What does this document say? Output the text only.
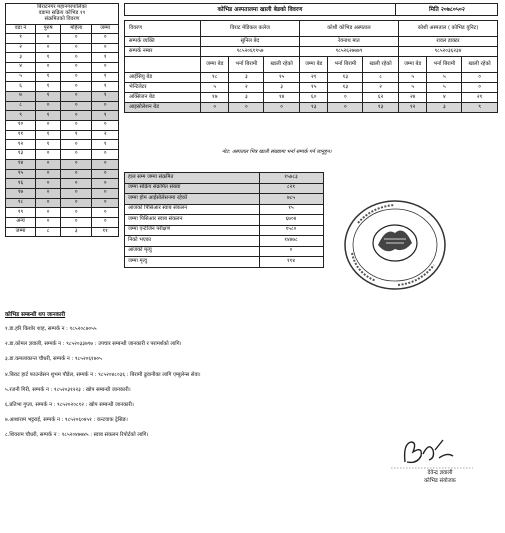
बिराटनगर महानगरपालिका
वडामा सक्रिय कोभिड १९
संक्रमितको विवरण			

वडा नं	पुरुष	महिला	जम्मा
१	०	०	०
२	०	०	०
३	१	०	१
४	०	०	०
५	१	०	१
६	१	०	१
७	१	०	१
८	०	०	०
९	१	०	१
१०	०	०	०
११	१	१	२
१२	१	०	१
१३	०	०	०
१४	०	०	०
१५	०	०	०
१६	०	०	०
१७	०	०	०
१८	०	०	०
१९	०	०	०
अन्य	०	०	०
जम्मा	८	३	११
कोभिड अस्पतालमा खाली बेडको विवरण	मिति २०७८०५०२
विवरण	विराट मेडिकल कलेज			कोशी कोभिड अस्पताल			कोशी अस्पताल ( कोभिड युनिट)		
सम्पर्क व्यक्ति	सुनिल बेद			रेवनाथ मात			रावल डाक्टर		
सम्पर्क नम्बर	९८५२०६१९५७			९८५२६२७७७९			९८५२०३६२३४		
	जम्मा बेड	भर्ना बिरामी	खाली रहेको	जम्मा बेड	भर्ना बिरामी	खाली रहेको	जम्मा बेड	भर्ना बिरामी	खाली रहेको
आईसियु बेड	१८	३	१५	२१	१३	८	५	५	०
भेन्टिलेटर	५	२	३	१५	१३	२	५	५	०
अक्सिजन बेड	१७	३	१४	६०	०	६२	२४	४	२१
आइसोलेशन बेड	०	०	०	१३	०	१३	१२	३	९
नोट: अस्पताल भित्र खाली संख्यामा भर्ना सम्पर्क गर्न जानुहुन।
हाल सम्म जम्मा संक्रमित	१५७८३
जम्मा सक्रिय संक्रमित संख्या	८२१
जम्मा होम आईसोलेसनमा रहेको	७८५
आजको पिसिआर स्वाब संकलन	१५
जम्मा पिसिआर स्वाब संकलन	६७०४
जम्मा एन्टीजेन परीक्षण	१५८०
निको भएका	१४४७८
आजको मृत्यु	०
जम्मा मृत्यु	११४
कोभिड सम्बन्धी थप जानकारी
१.डा.हरि किशोर शाह, सम्पर्क न : ९८५२०८७०५५
२.डा.कोमल ज्ञवाली, सम्पर्क न : ९८५२०३३७९७ : उपचार सम्बन्धी जानकारी र परामर्शको लागि।
३.डा.कमलाकान्त चौधरी, सम्पर्क न : ९८५२०६१७०५
४.बिराट हार्ट फाउन्डेसन शुभम पौडेल, सम्पर्क न : ९८५२०४८०३६ : बिरामी ढुवानीका लागि एम्बुलेन्स सेवा।
५.रजनी गिरी, सम्पर्क न : ९८५२०३१२२३ : खोप सम्बन्धी जानकारी।
६.प्रतिभा गुप्ता, सम्पर्क न : ९८५२०२०८१२ : खोप सम्बन्धी जानकारी।
७.आशाराम भट्टराई, सम्पर्क न : ९८५२०६०४५१ : कन्टयाक ट्रेसिङ।
८.शिवराम चौधरी, सम्पर्क न : ९८५२०४७७४५ : स्वाब संकलन रिपोर्टको लागि।
देवेन्द्र ज्ञवाली
कोभिड संयोजक
